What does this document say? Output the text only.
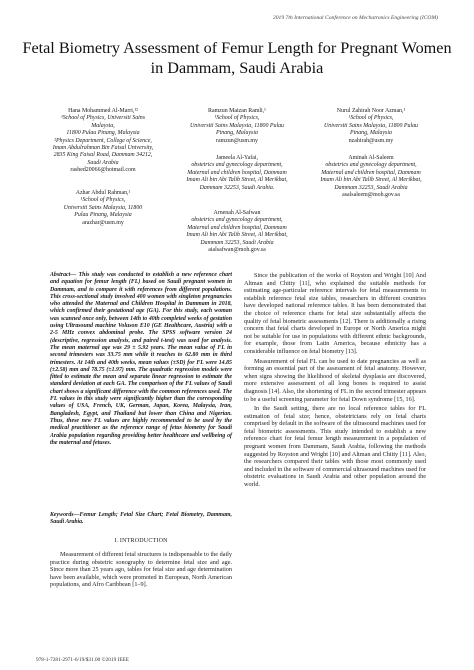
2019 7th International Conference on Mechatronics Engineering (ICOM)
Fetal Biometry Assessment of Femur Length for Pregnant Women in Dammam, Saudi Arabia
Hana Mohammed Al-Marri,¹²
¹School of Physics, Universiti Sains
Malaysia,
11800 Pulau Pinang, Malaysia
²Physics Department, College of Science,
Imam Abdulrahman Bin Faisal University,
2835 King Faisal Road, Dammam 34212,
Saudi Arabia
rashed20066@hotmail.com
Ramzun Maizan Ramli,¹
¹School of Physics,
Universiti Sains Malaysia, 11800 Pulau
Pinang, Malaysia
ramzun@usm.my
Nurul Zahirah Noor Azman,¹
¹School of Physics,
Universiti Sains Malaysia, 11800 Pulau
Pinang, Malaysia
nzahirah@usm.my
Jameela Al-Yafai,
obstetrics and gynecology department,
Maternal and children hospital, Dammam
Imam Ali bin Abi Talib Street, Al Merikbat,
Dammam 32253, Saudi Arabia.
Aminah Al-Saleem
obstetrics and gynecology department,
Maternal and children hospital, Dammam
Imam Ali bin Abi Talib Street, Al Merikbat,
Dammam 32253, Saudi Arabia
asalsaleem@moh.gov.sa
Azhar Abdul Rahman,¹
¹School of Physics,
Universiti Sains Malaysia, 11800
Pulau Pinang, Malaysia
arazhar@usm.my
Arnenah Al-Safwan
obstetrics and gynecology department,
Maternal and children hospital, Dammam
Imam Ali bin Abi Talib Street, Al Merikbat,
Dammam 32253, Saudi Arabia
aialsafwan@moh.gov.sa
Abstract— This study was conducted to establish a new reference chart and equation for femur length (FL) based on Saudi pregnant women in Dammam, and to compare it with references from different populations. This cross-sectional study involved 400 women with singleton pregnancies who attended the Maternal and Children Hospital in Dammam in 2018, which confirmed their gestational age (GA). For this study, each woman was scanned once only, between 14th to 40th completed weeks of gestation using Ultrasound machine Voluson E10 (GE Healthcare, Austria) with a 2-5 MHz convex abdominal probe. The SPSS software version 24 (descriptive, regression analysis, and paired t-test) was used for analysis. The mean maternal age was 29 ± 5.92 years. The mean value of FL in second trimesters was 33.75 mm while it reaches to 62.80 mm in third trimesters. At 14th and 40th weeks, mean values (±SD) for FL were 14.85 (±2.58) mm and 78.75 (±1.97) mm. The quadratic regression models were fitted to estimate the mean and separate linear regression to estimate the standard deviation at each GA. The comparison of the FL values of Saudi chart shows a significant difference with the common references used. The FL values in this study were significantly higher than the corresponding values of USA, French, UK, German, Japan, Korea, Malaysia, Iran, Bangladesh, Egypt, and Thailand but lower than China and Nigerian. Thus, these new FL values are highly recommended to be used by the medical practitioner as the reference range of fetus biometry for Saudi Arabia population regarding providing better healthcare and wellbeing of the maternal and fetuses.
Keywords—Femur Length; Fetal Size Chart; Fetal Biometry, Dammam, Saudi Arabia.
I. INTRODUCTION

Measurement of different fetal structures is indispensable to the daily practice during obstetric sonography to determine fetal size and age. Since more than 25 years ago, tables for fetal size and age determination have been available, which were promoted in European, North American populations, and Afro Caribbean [1–9].

Since the publication of the works of Royston and Wright [10] And Altman and Chitty [11], who explained the suitable methods for estimating age-particular reference intervals for fetal measurements to establish reference fetal size tables, researchers in different countries have developed national reference tables. It has been demonstrated that the choice of reference charts for fetal size substantially affects the quality of fetal biometric assessments [12]. There is additionally a rising concern that fetal charts developed in Europe or North America might not be suitable for use in populations with different ethnic backgrounds, for example, those from Latin America, because ethnicity has a considerable influence on fetal biometry [13].

Measurement of fetal FL can be used to date pregnancies as well as forming an essential part of the assessment of fetal anatomy. However, when signs showing the likelihood of skeletal dysplasia are discovered, more extensive assessment of all long bones is required to assist diagnosis [14]. Also, the shortening of FL in the second trimester appears to be a useful screening parameter for fetal Down syndrome [15, 16].

In the Saudi setting, there are no local reference tables for FL estimation of fetal size; hence, obstetricians rely on fetal charts comprised by default in the software of the ultrasound machines used for fetal biometric assessments. This study intended to establish a new reference chart for fetal femur length measurement in a population of pregnant women from Dammam, Saudi Arabia, following the methods suggested by Royston and Wright [10] and Altman and Chitty [11]. Also, the researchers compared their tables with those most commonly used and included in the software of commercial ultrasound machines used for obstetric evaluations in Saudi Arabia and other population around the world.

978-1-7281-2971-6/19/$31.00 ©2019 IEEE
